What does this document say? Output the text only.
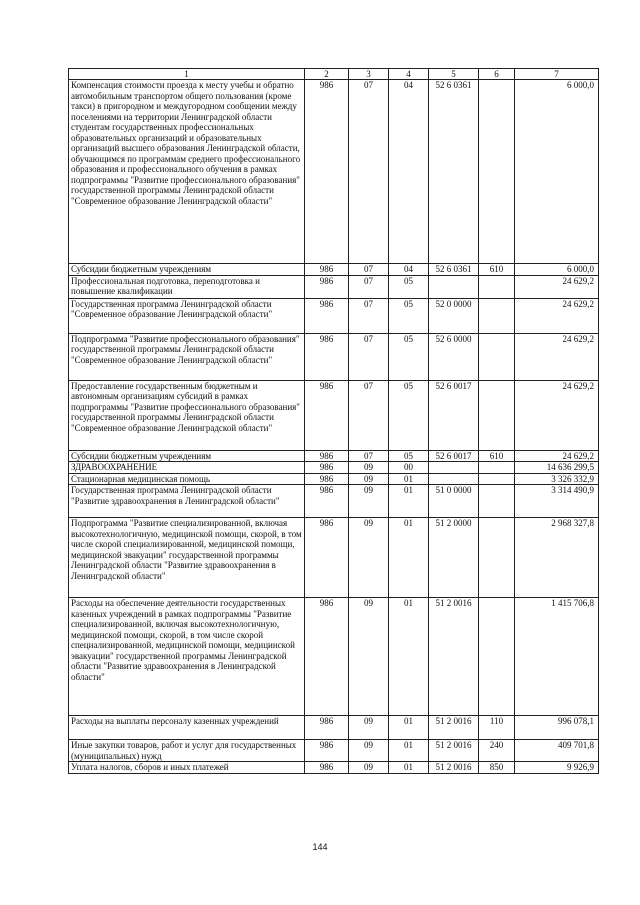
1	2	3	4	5	6	7
Компенсация стоимости проезда к месту учебы и обратно автомобильным транспортом общего пользования (кроме такси) в пригородном и междугородном сообщении между поселениями на территории Ленинградской области студентам государственных профессиональных образовательных организаций и образовательных организаций высшего образования Ленинградской области, обучающимся по программам среднего профессионального образования и профессионального обучения в рамках подпрограммы "Развитие профессионального образования" государственной программы Ленинградской области "Современное образование Ленинградской области"	986	07	04	52 6 0361		6 000,0
Субсидии бюджетным учреждениям	986	07	04	52 6 0361	610	6 000,0
Профессиональная подготовка, переподготовка и повышение квалификации	986	07	05			24 629,2
Государственная программа Ленинградской области "Современное образование Ленинградской области"	986	07	05	52 0 0000		24 629,2
Подпрограмма "Развитие профессионального образования" государственной программы Ленинградской области "Современное образование Ленинградской области"	986	07	05	52 6 0000		24 629,2
Предоставление государственным бюджетным и автономным организациям субсидий в рамках подпрограммы "Развитие профессионального образования" государственной программы Ленинградской области "Современное образование Ленинградской области"	986	07	05	52 6 0017		24 629,2
Субсидии бюджетным учреждениям	986	07	05	52 6 0017	610	24 629,2
ЗДРАВООХРАНЕНИЕ	986	09	00			14 636 299,5
Стационарная медицинская помощь	986	09	01			3 326 332,9
Государственная программа Ленинградской области "Развитие здравоохранения в Ленинградской области"	986	09	01	51 0 0000		3 314 490,9
Подпрограмма "Развитие специализированной, включая высокотехнологичную, медицинской помощи, скорой, в том числе скорой специализированной, медицинской помощи, медицинской эвакуации" государственной программы Ленинградской области "Развитие здравоохранения в Ленинградской области"	986	09	01	51 2 0000		2 968 327,8
Расходы на обеспечение деятельности государственных казенных учреждений в рамках подпрограммы "Развитие специализированной, включая высокотехнологичную, медицинской помощи, скорой, в том числе скорой специализированной, медицинской помощи, медицинской эвакуации" государственной программы Ленинградской области "Развитие здравоохранения в Ленинградской области"	986	09	01	51 2 0016		1 415 706,8
Расходы на выплаты персоналу казенных учреждений	986	09	01	51 2 0016	110	996 078,1
Иные закупки товаров, работ и услуг для государственных (муниципальных) нужд	986	09	01	51 2 0016	240	409 701,8
Уплата налогов, сборов и иных платежей	986	09	01	51 2 0016	850	9 926,9
144
